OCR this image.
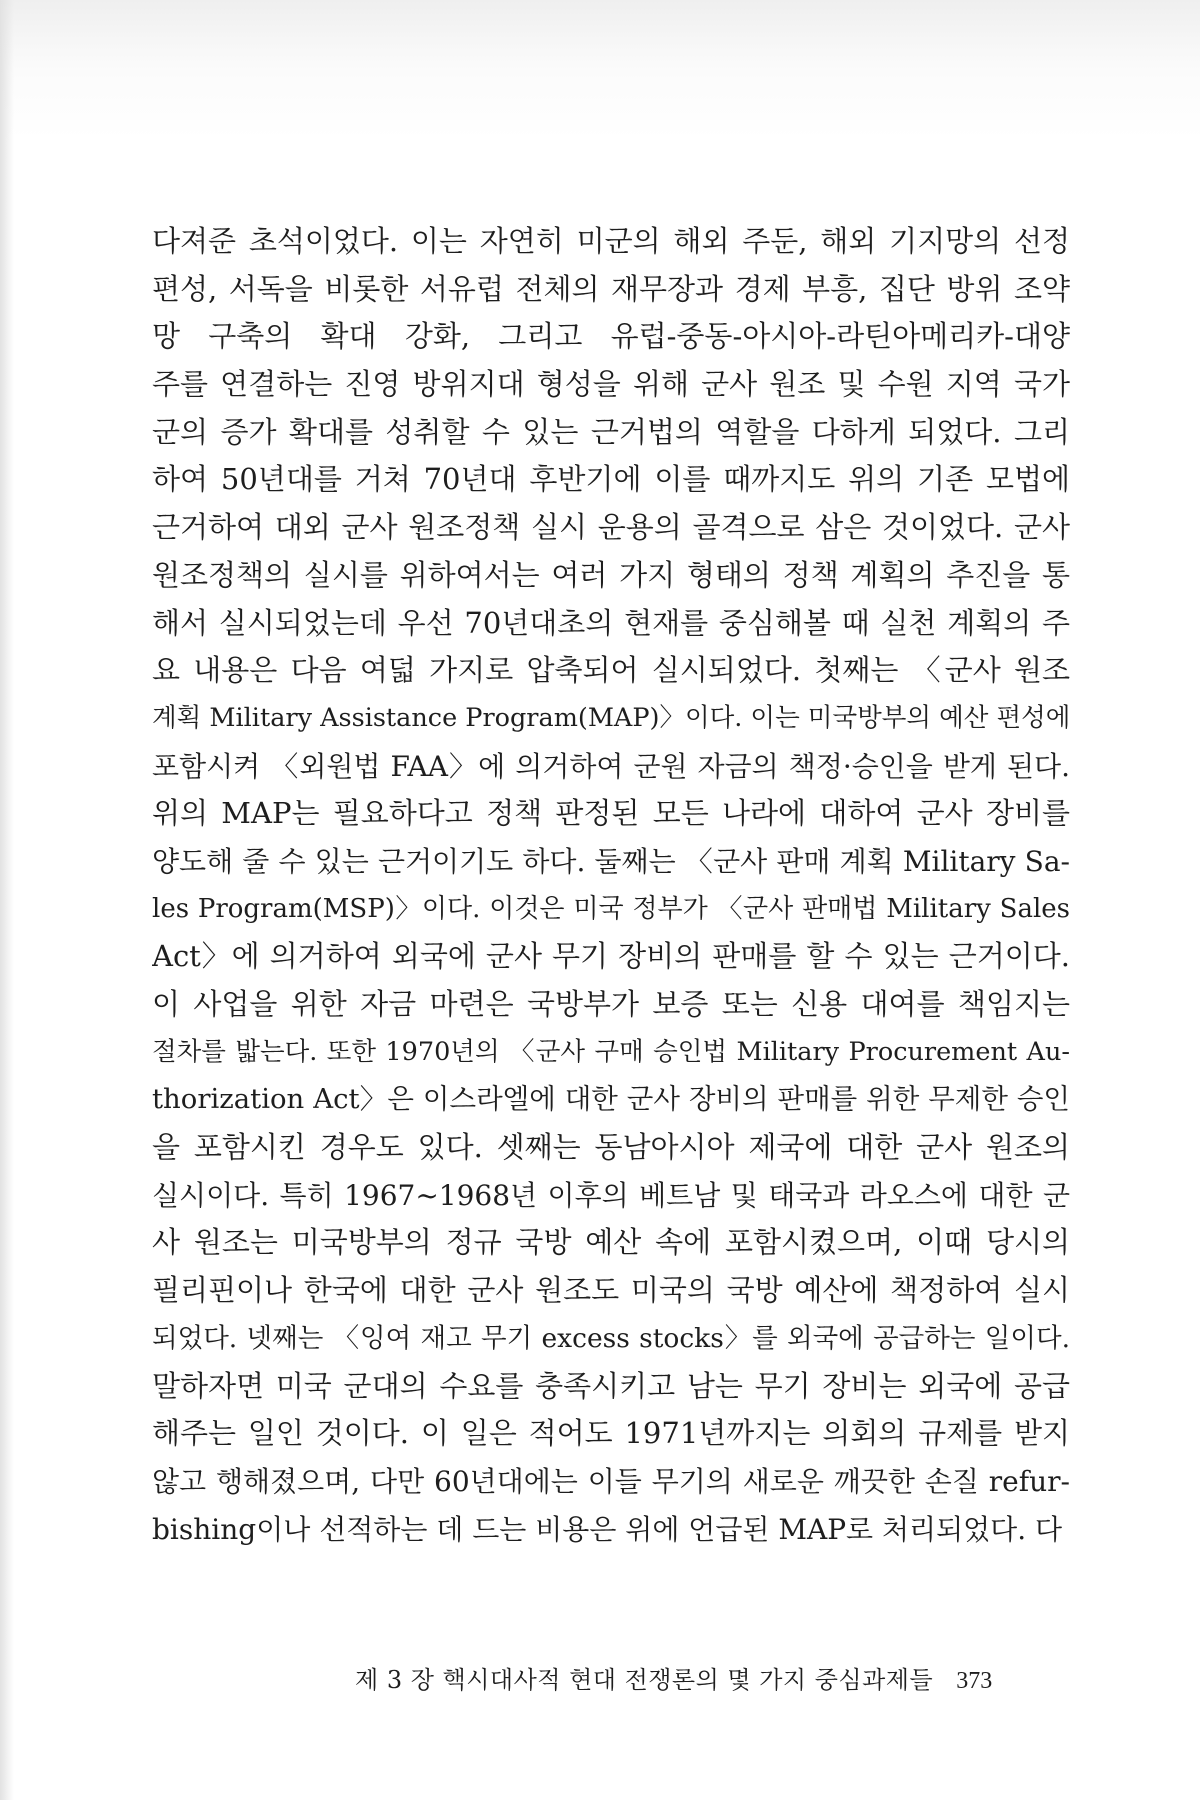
다져준 초석이었다. 이는 자연히 미군의 해외 주둔, 해외 기지망의 선정
편성, 서독을 비롯한 서유럽 전체의 재무장과 경제 부흥, 집단 방위 조약
망 구축의 확대 강화, 그리고 유럽-중동-아시아-라틴아메리카-대양
주를 연결하는 진영 방위지대 형성을 위해 군사 원조 및 수원 지역 국가
군의 증가 확대를 성취할 수 있는 근거법의 역할을 다하게 되었다. 그리
하여 50년대를 거쳐 70년대 후반기에 이를 때까지도 위의 기존 모법에
근거하여 대외 군사 원조정책 실시 운용의 골격으로 삼은 것이었다. 군사
원조정책의 실시를 위하여서는 여러 가지 형태의 정책 계획의 추진을 통
해서 실시되었는데 우선 70년대초의 현재를 중심해볼 때 실천 계획의 주
요 내용은 다음 여덟 가지로 압축되어 실시되었다. 첫째는 〈군사 원조
계획 Military Assistance Program(MAP)〉이다. 이는 미국방부의 예산 편성에
포함시켜 〈외원법 FAA〉에 의거하여 군원 자금의 책정·승인을 받게 된다.
위의 MAP는 필요하다고 정책 판정된 모든 나라에 대하여 군사 장비를
양도해 줄 수 있는 근거이기도 하다. 둘째는 〈군사 판매 계획 Military Sa-
les Program(MSP)〉이다. 이것은 미국 정부가 〈군사 판매법 Military Sales
Act〉에 의거하여 외국에 군사 무기 장비의 판매를 할 수 있는 근거이다.
이 사업을 위한 자금 마련은 국방부가 보증 또는 신용 대여를 책임지는
절차를 밟는다. 또한 1970년의 〈군사 구매 승인법 Military Procurement Au-
thorization Act〉은 이스라엘에 대한 군사 장비의 판매를 위한 무제한 승인
을 포함시킨 경우도 있다. 셋째는 동남아시아 제국에 대한 군사 원조의
실시이다. 특히 1967~1968년 이후의 베트남 및 태국과 라오스에 대한 군
사 원조는 미국방부의 정규 국방 예산 속에 포함시켰으며, 이때 당시의
필리핀이나 한국에 대한 군사 원조도 미국의 국방 예산에 책정하여 실시
되었다. 넷째는 〈잉여 재고 무기 excess stocks〉를 외국에 공급하는 일이다.
말하자면 미국 군대의 수요를 충족시키고 남는 무기 장비는 외국에 공급
해주는 일인 것이다. 이 일은 적어도 1971년까지는 의회의 규제를 받지
않고 행해졌으며, 다만 60년대에는 이들 무기의 새로운 깨끗한 손질 refur-
bishing이나 선적하는 데 드는 비용은 위에 언급된 MAP로 처리되었다. 다
제 3 장 핵시대사적 현대 전쟁론의 몇 가지 중심과제들 373
